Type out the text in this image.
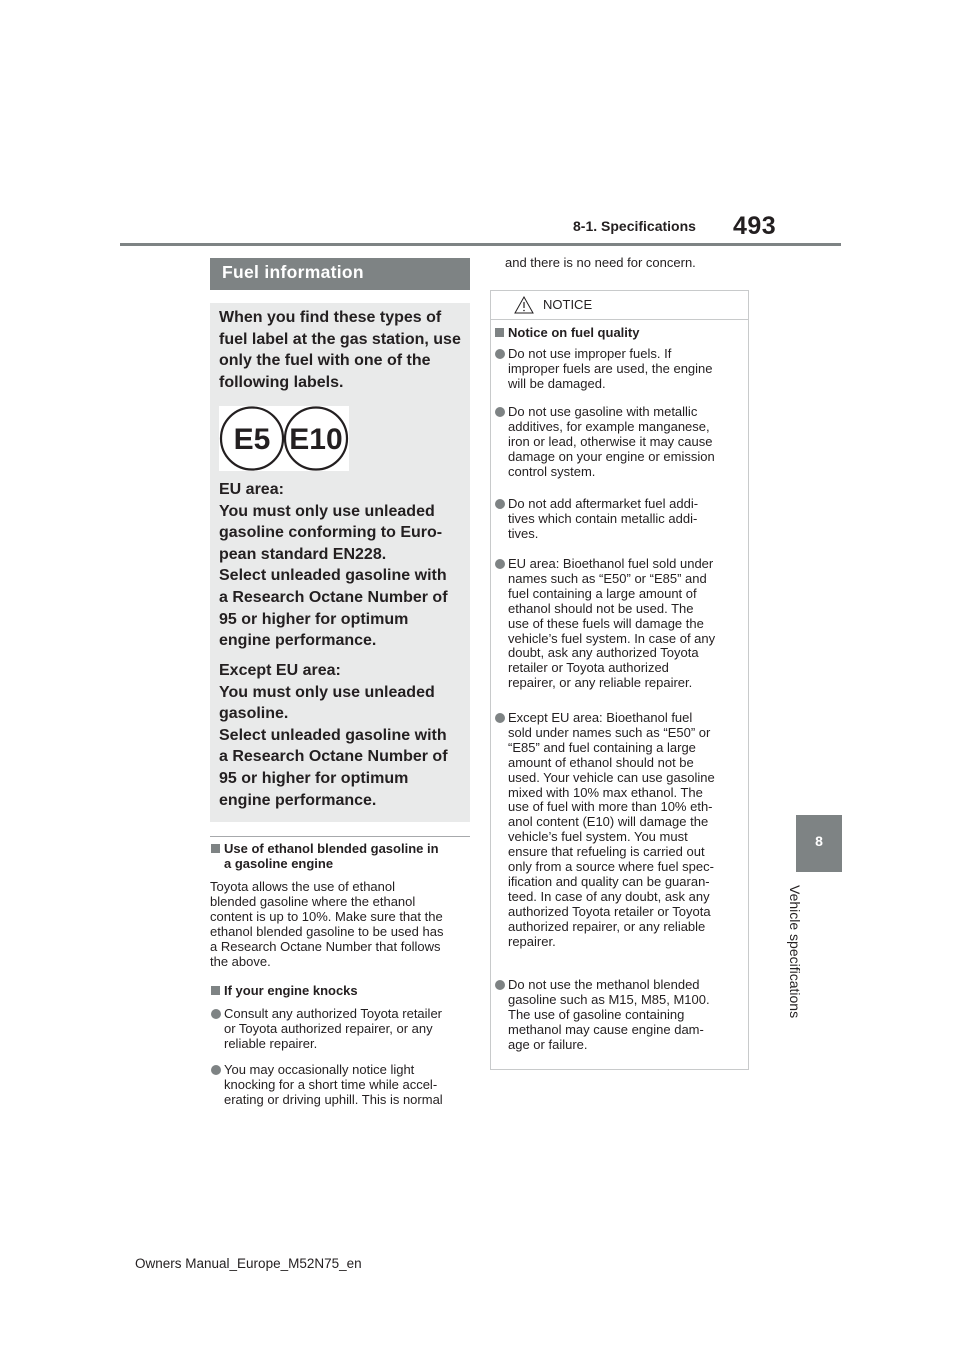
8-1. Specifications 493
8
Vehicle specifications
Fuel information
When you find these types of fuel label at the gas station, use only the fuel with one of the following labels.
E5 E10
EU area:
You must only use unleaded
gasoline conforming to Euro-
pean standard EN228.
Select unleaded gasoline with
a Research Octane Number of
95 or higher for optimum
engine performance.
Except EU area:
You must only use unleaded
gasoline.
Select unleaded gasoline with
a Research Octane Number of
95 or higher for optimum
engine performance.
Use of ethanol blended gasoline in
a gasoline engine
Toyota allows the use of ethanol
blended gasoline where the ethanol
content is up to 10%. Make sure that the
ethanol blended gasoline to be used has
a Research Octane Number that follows
the above.
If your engine knocks
Consult any authorized Toyota retailer
or Toyota authorized repairer, or any
reliable repairer.
You may occasionally notice light
knocking for a short time while accel-
erating or driving uphill. This is normal
and there is no need for concern.
NOTICE
Notice on fuel quality
Do not use improper fuels. If
improper fuels are used, the engine
will be damaged.
Do not use gasoline with metallic
additives, for example manganese,
iron or lead, otherwise it may cause
damage on your engine or emission
control system.
Do not add aftermarket fuel addi-
tives which contain metallic addi-
tives.
EU area: Bioethanol fuel sold under
names such as “E50” or “E85” and
fuel containing a large amount of
ethanol should not be used. The
use of these fuels will damage the
vehicle’s fuel system. In case of any
doubt, ask any authorized Toyota
retailer or Toyota authorized
repairer, or any reliable repairer.
Except EU area: Bioethanol fuel
sold under names such as “E50” or
“E85” and fuel containing a large
amount of ethanol should not be
used. Your vehicle can use gasoline
mixed with 10% max ethanol. The
use of fuel with more than 10% eth-
anol content (E10) will damage the
vehicle’s fuel system. You must
ensure that refueling is carried out
only from a source where fuel spec-
ification and quality can be guaran-
teed. In case of any doubt, ask any
authorized Toyota retailer or Toyota
authorized repairer, or any reliable
repairer.
Do not use the methanol blended
gasoline such as M15, M85, M100.
The use of gasoline containing
methanol may cause engine dam-
age or failure.
Owners Manual_Europe_M52N75_en
